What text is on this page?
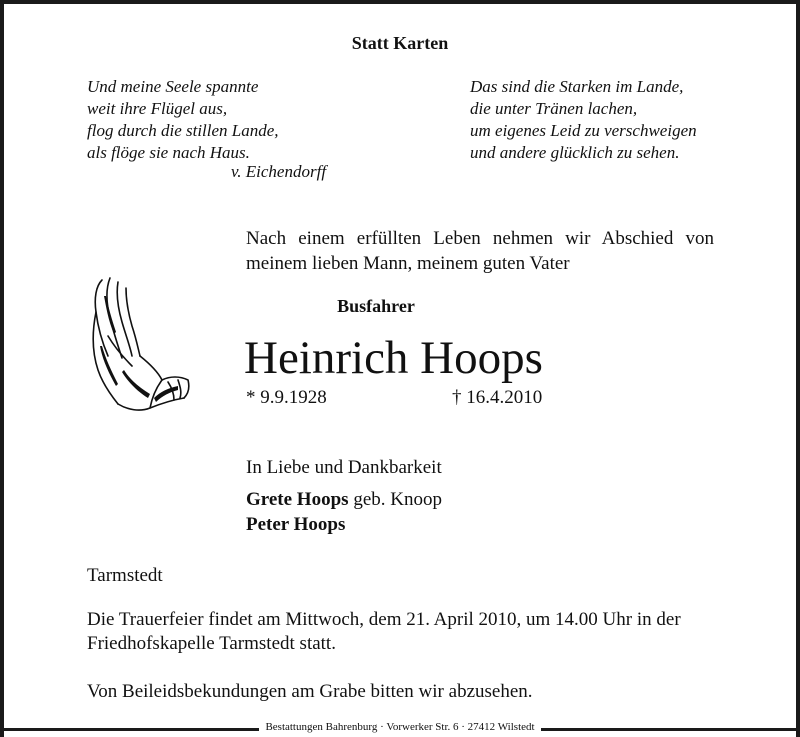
Statt Karten
Und meine Seele spannte
weit ihre Flügel aus,
flog durch die stillen Lande,
als flöge sie nach Haus.
v. Eichendorff
Das sind die Starken im Lande,
die unter Tränen lachen,
um eigenes Leid zu verschweigen
und andere glücklich zu sehen.
Nach einem erfüllten Leben nehmen wir Abschied von meinem lieben Mann, meinem guten Vater
Busfahrer
Heinrich Hoops
* 9.9.1928	† 16.4.2010
In Liebe und Dankbarkeit
Grete Hoops geb. Knoop
Peter Hoops
Tarmstedt
Die Trauerfeier findet am Mittwoch, dem 21. April 2010, um 14.00 Uhr in der
Friedhofskapelle Tarmstedt statt.
Von Beileidsbekundungen am Grabe bitten wir abzusehen.
Bestattungen Bahrenburg · Vorwerker Str. 6 · 27412 Wilstedt
